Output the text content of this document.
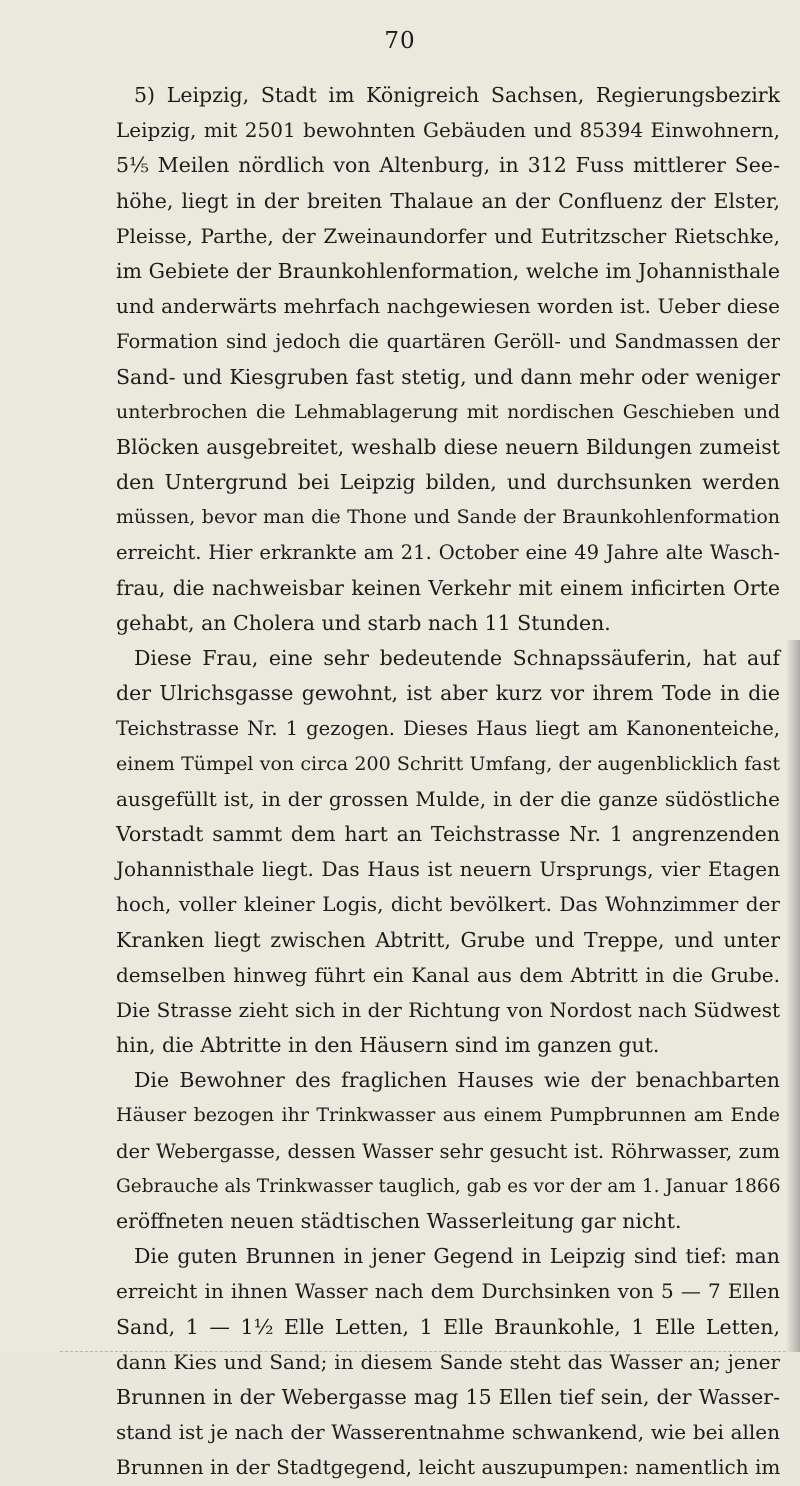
70
5) Leipzig, Stadt im Königreich Sachsen, Regierungsbezirk
Leipzig, mit 2501 bewohnten Gebäuden und 85394 Einwohnern,
5⅕ Meilen nördlich von Altenburg, in 312 Fuss mittlerer See-
höhe, liegt in der breiten Thalaue an der Confluenz der Elster,
Pleisse, Parthe, der Zweinaundorfer und Eutritzscher Rietschke,
im Gebiete der Braunkohlenformation, welche im Johannisthale
und anderwärts mehrfach nachgewiesen worden ist. Ueber diese
Formation sind jedoch die quartären Geröll- und Sandmassen der
Sand- und Kiesgruben fast stetig, und dann mehr oder weniger
unterbrochen die Lehmablagerung mit nordischen Geschieben und
Blöcken ausgebreitet, weshalb diese neuern Bildungen zumeist
den Untergrund bei Leipzig bilden, und durchsunken werden
müssen, bevor man die Thone und Sande der Braunkohlenformation
erreicht. Hier erkrankte am 21. October eine 49 Jahre alte Wasch-
frau, die nachweisbar keinen Verkehr mit einem inficirten Orte
gehabt, an Cholera und starb nach 11 Stunden.
Diese Frau, eine sehr bedeutende Schnapssäuferin, hat auf
der Ulrichsgasse gewohnt, ist aber kurz vor ihrem Tode in die
Teichstrasse Nr. 1 gezogen. Dieses Haus liegt am Kanonenteiche,
einem Tümpel von circa 200 Schritt Umfang, der augenblicklich fast
ausgefüllt ist, in der grossen Mulde, in der die ganze südöstliche
Vorstadt sammt dem hart an Teichstrasse Nr. 1 angrenzenden
Johannisthale liegt. Das Haus ist neuern Ursprungs, vier Etagen
hoch, voller kleiner Logis, dicht bevölkert. Das Wohnzimmer der
Kranken liegt zwischen Abtritt, Grube und Treppe, und unter
demselben hinweg führt ein Kanal aus dem Abtritt in die Grube.
Die Strasse zieht sich in der Richtung von Nordost nach Südwest
hin, die Abtritte in den Häusern sind im ganzen gut.
Die Bewohner des fraglichen Hauses wie der benachbarten
Häuser bezogen ihr Trinkwasser aus einem Pumpbrunnen am Ende
der Webergasse, dessen Wasser sehr gesucht ist. Röhrwasser, zum
Gebrauche als Trinkwasser tauglich, gab es vor der am 1. Januar 1866
eröffneten neuen städtischen Wasserleitung gar nicht.
Die guten Brunnen in jener Gegend in Leipzig sind tief: man
erreicht in ihnen Wasser nach dem Durchsinken von 5 — 7 Ellen
Sand, 1 — 1½ Elle Letten, 1 Elle Braunkohle, 1 Elle Letten,
dann Kies und Sand; in diesem Sande steht das Wasser an; jener
Brunnen in der Webergasse mag 15 Ellen tief sein, der Wasser-
stand ist je nach der Wasserentnahme schwankend, wie bei allen
Brunnen in der Stadtgegend, leicht auszupumpen: namentlich im
